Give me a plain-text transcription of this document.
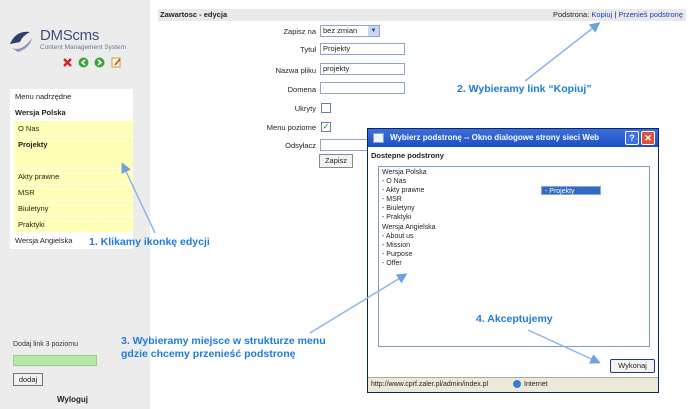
DMScms
Content Management System
Menu nadrzędne
Wersja Polska
O Nas
Projekty
Akty prawne
MSR
Biuletyny
Praktyki
Wersja Angielska

Dodaj link 3 poziomu
dodaj
Wyloguj
Zawartosc - edycja	Podstrona: Kopiuj | Przenieś podstronę
Zapisz na bez zmian	▼
Tytuł Projekty
Nazwa pliku projekty
Domena
Ukryty
Menu poziome ✓
Odsyłacz
Zapisz
Wybierz podstronę -- Okno dialogowe strony sieci Web	?	✕
Dostepne podstrony
Wersja Polska
- O Nas
- Projekty
- Akty prawne
- MSR
- Biuletyny
- Praktyki
Wersja Angielska
- About us
- Mission
- Purpose
- Offer
Wykonaj
http://www.cprf.zaler.pl/admin/index.pl	Internet
1. Klikamy ikonkę edycji
2. Wybieramy link “Kopiuj”
3. Wybieramy miejsce w strukturze menu
gdzie chcemy przenieść podstronę
4. Akceptujemy
